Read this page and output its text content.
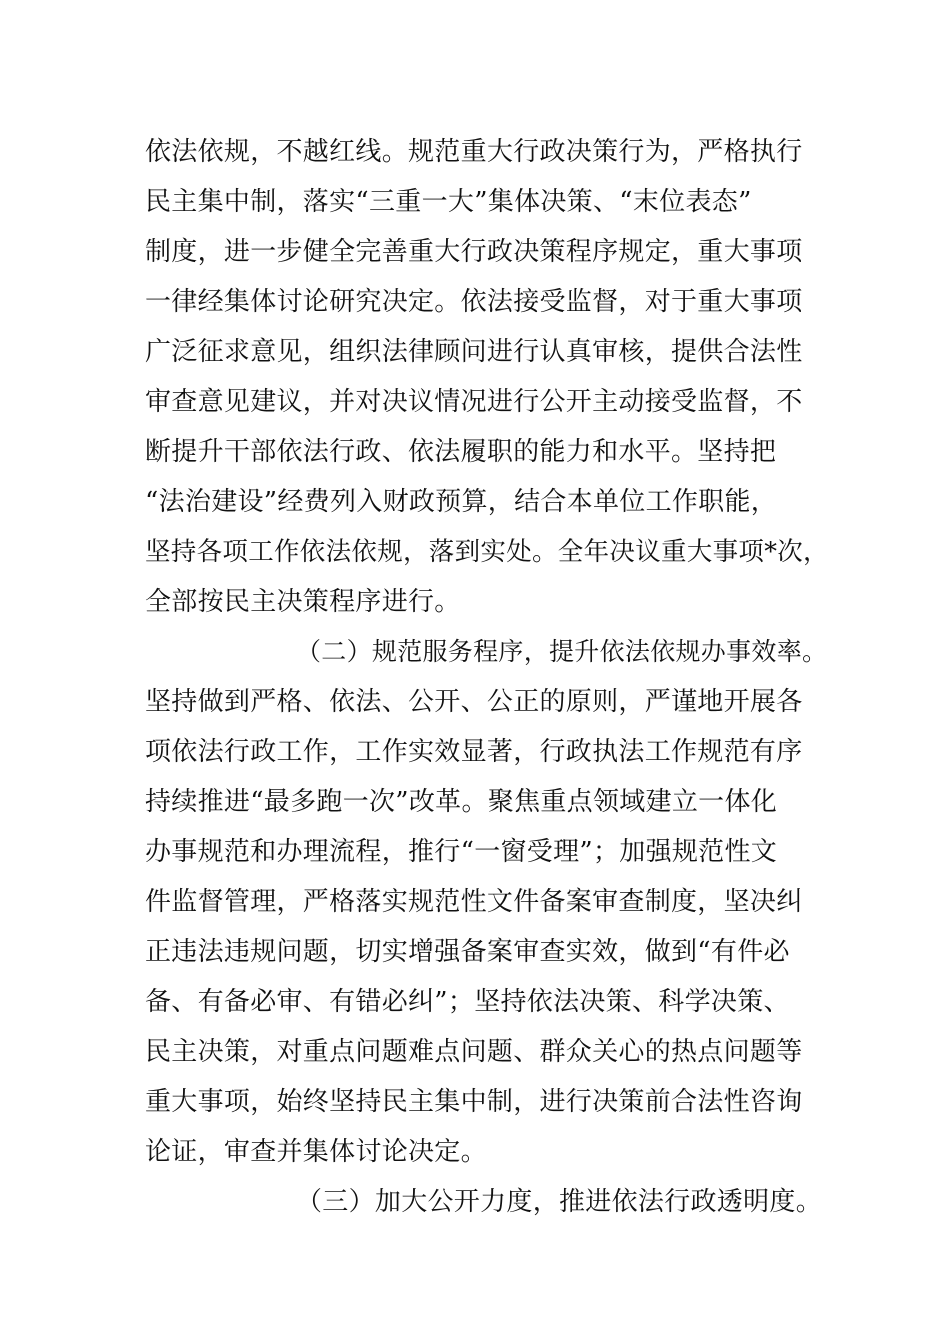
依法依规，不越红线。规范重大行政决策行为，严格执行
民主集中制，落实“三重一大”集体决策、“末位表态”
制度，进一步健全完善重大行政决策程序规定，重大事项
一律经集体讨论研究决定。依法接受监督，对于重大事项
广泛征求意见，组织法律顾问进行认真审核，提供合法性
审查意见建议，并对决议情况进行公开主动接受监督，不
断提升干部依法行政、依法履职的能力和水平。坚持把
“法治建设”经费列入财政预算，结合本单位工作职能，
坚持各项工作依法依规，落到实处。全年决议重大事项*次，
全部按民主决策程序进行。
（二）规范服务程序，提升依法依规办事效率。
坚持做到严格、依法、公开、公正的原则，严谨地开展各
项依法行政工作，工作实效显著，行政执法工作规范有序
持续推进“最多跑一次”改革。聚焦重点领域建立一体化
办事规范和办理流程，推行“一窗受理”；加强规范性文
件监督管理，严格落实规范性文件备案审查制度，坚决纠
正违法违规问题，切实增强备案审查实效，做到“有件必
备、有备必审、有错必纠”；坚持依法决策、科学决策、
民主决策，对重点问题难点问题、群众关心的热点问题等
重大事项，始终坚持民主集中制，进行决策前合法性咨询
论证，审查并集体讨论决定。
（三）加大公开力度，推进依法行政透明度。
